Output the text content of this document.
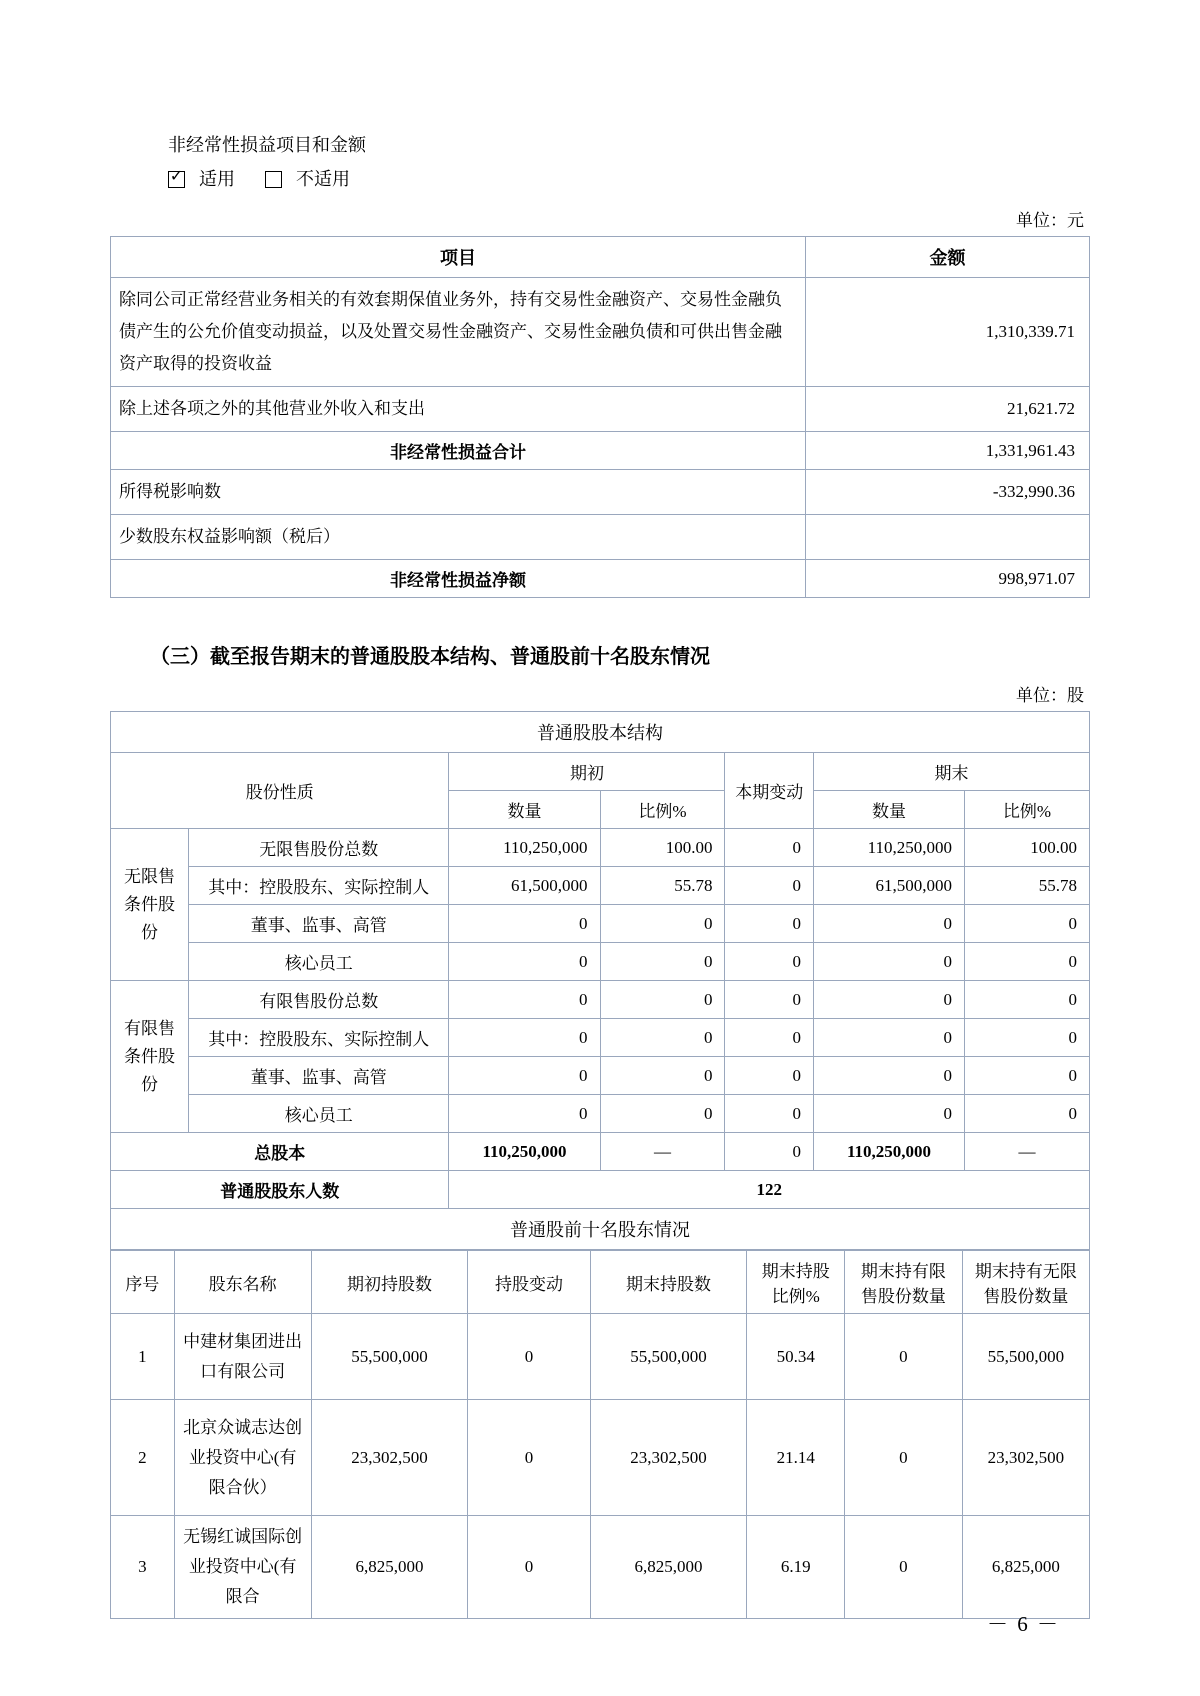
非经常性损益项目和金额
✓
适用	不适用
单位：元
项目	金额
除同公司正常经营业务相关的有效套期保值业务外，持有交易性金融资产、交易性金融负债产生的公允价值变动损益，以及处置交易性金融资产、交易性金融负债和可供出售金融资产取得的投资收益	1,310,339.71
除上述各项之外的其他营业外收入和支出	21,621.72
非经常性损益合计	1,331,961.43
所得税影响数	-332,990.36
少数股东权益影响额（税后）	
非经常性损益净额	998,971.07
（三）截至报告期末的普通股股本结构、普通股前十名股东情况
单位：股
普通股股本结构						
股份性质		期初		本期变动	期末	
		数量	比例%		数量	比例%
无限售条件股份	无限售股份总数	110,250,000	100.00	0	110,250,000	100.00
	其中：控股股东、实际控制人	61,500,000	55.78	0	61,500,000	55.78
	董事、监事、高管	0	0	0	0	0
	核心员工	0	0	0	0	0
有限售条件股份	有限售股份总数	0	0	0	0	0
	其中：控股股东、实际控制人	0	0	0	0	0
	董事、监事、高管	0	0	0	0	0
	核心员工	0	0	0	0	0
总股本		110,250,000	—	0	110,250,000	—
普通股股东人数		122				
普通股前十名股东情况						
序号	股东名称	期初持股数	持股变动	期末持股数	期末持股比例%	期末持有限售股份数量	期末持有无限售股份数量
1	中建材集团进出口有限公司	55,500,000	0	55,500,000	50.34	0	55,500,000
2	北京众诚志达创业投资中心(有限合伙）	23,302,500	0	23,302,500	21.14	0	23,302,500
3	无锡红诚国际创业投资中心(有限合	6,825,000	0	6,825,000	6.19	0	6,825,000
－ 6 －
